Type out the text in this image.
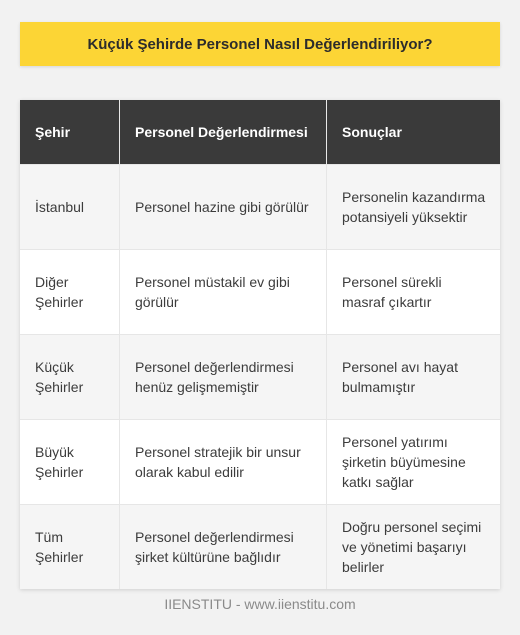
Küçük Şehirde Personel Nasıl Değerlendiriliyor?
Şehir	Personel Değerlendirmesi	Sonuçlar
İstanbul	Personel hazine gibi görülür	Personelin kazandırma potansiyeli yüksektir
Diğer Şehirler	Personel müstakil ev gibi görülür	Personel sürekli masraf çıkartır
Küçük Şehirler	Personel değerlendirmesi henüz gelişmemiştir	Personel avı hayat bulmamıştır
Büyük Şehirler	Personel stratejik bir unsur olarak kabul edilir	Personel yatırımı şirketin büyümesine katkı sağlar
Tüm Şehirler	Personel değerlendirmesi şirket kültürüne bağlıdır	Doğru personel seçimi ve yönetimi başarıyı belirler
IIENSTITU - www.iienstitu.com
